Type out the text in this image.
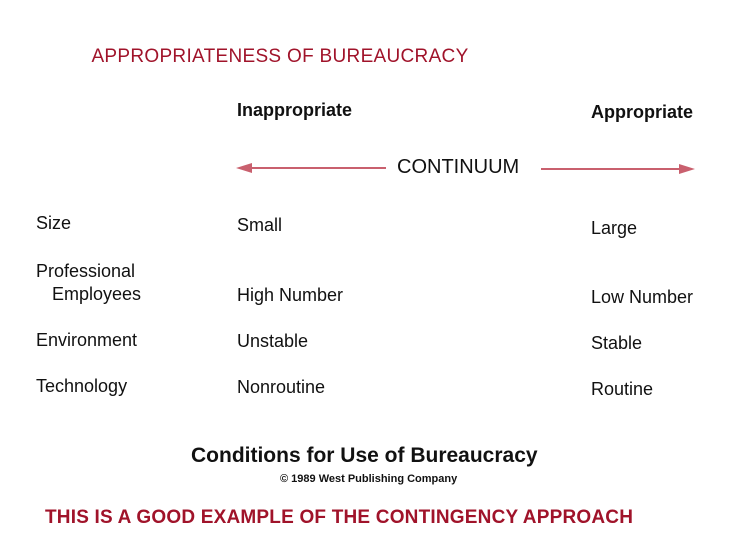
APPROPRIATENESS OF BUREAUCRACY
Inappropriate	Appropriate
CONTINUUM
Size	Small	Large
Professional
Employees	High Number	Low Number
Environment	Unstable	Stable
Technology	Nonroutine	Routine
Conditions for Use of Bureaucracy
© 1989 West Publishing Company
THIS IS A GOOD EXAMPLE OF THE CONTINGENCY APPROACH
